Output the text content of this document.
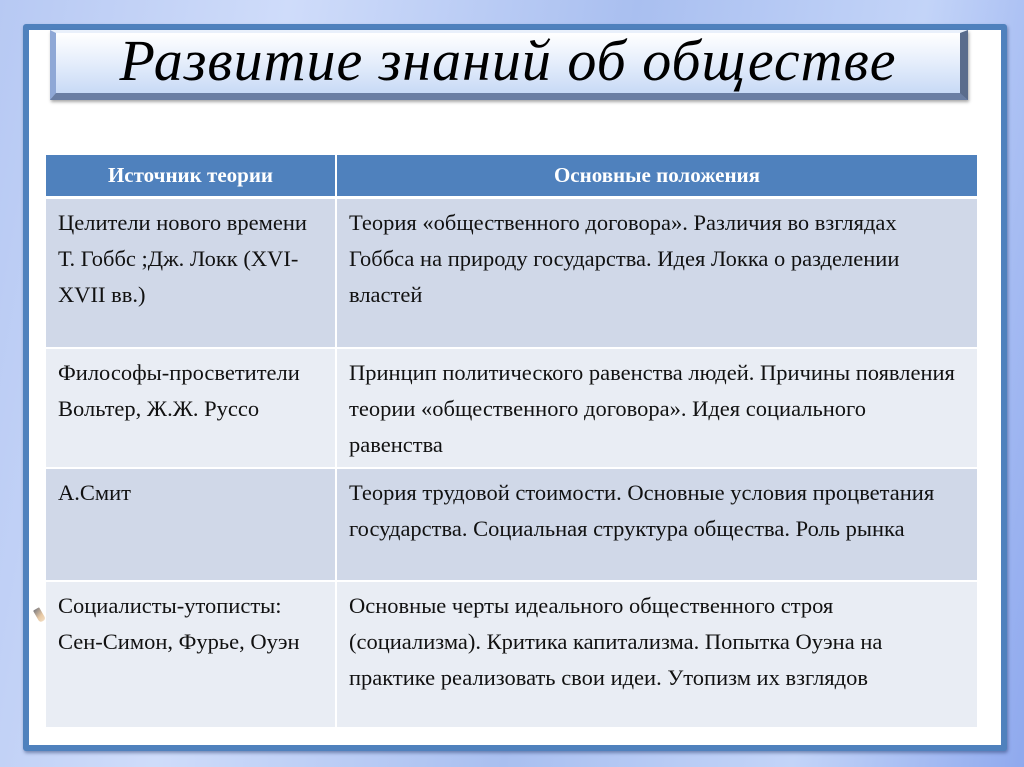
Развитие знаний об обществе
Источник теории	Основные положения
Целители нового времени Т. Гоббс ;Дж. Локк (XVI-XVII вв.)	Теория «общественного договора». Различия во взглядах Гоббса на природу государства. Идея Локка о разделении властей
Философы-просветители Вольтер, Ж.Ж. Руссо	Принцип политического равенства людей. Причины появления теории «общественного договора». Идея социального равенства
А.Смит	Теория трудовой стоимости. Основные условия процветания государства. Социальная структура общества. Роль рынка
Социалисты-утописты: Сен-Симон, Фурье, Оуэн	Основные черты идеального общественного строя (социализма). Критика капитализма. Попытка Оуэна на практике реализовать свои идеи. Утопизм их взглядов
